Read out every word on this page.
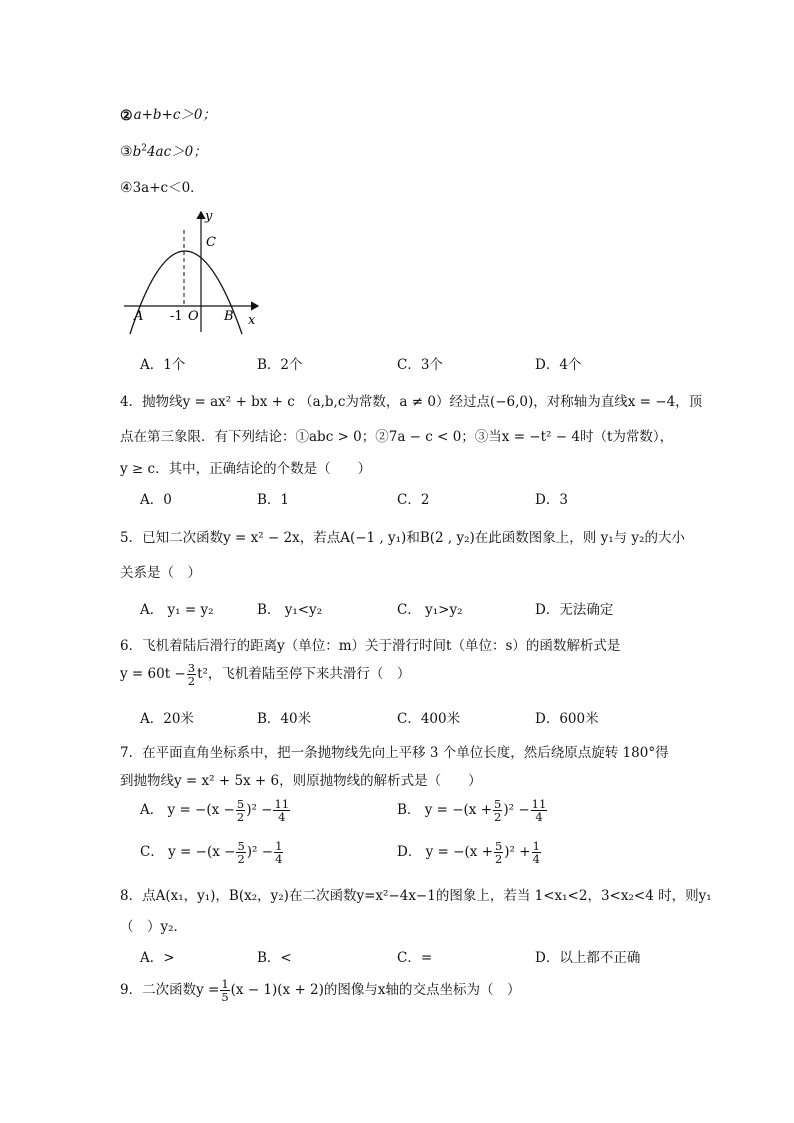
②a+b+c＞0；
$③b^24ac>0$；
④3a+c＜0．
y
C
A -1 O B x
A．1个	B．2个	C．3个	D．4个
4．抛物线y = ax² + bx + c （a,b,c为常数，a ≠ 0）经过点(−6,0)，对称轴为直线x = −4，顶
点在第三象限．有下列结论：①abc > 0；②7a − c < 0；③当x = −t² − 4时（t为常数），
y ≥ c．其中，正确结论的个数是（　　）
A．0	B．1	C．2	D．3
5．已知二次函数y = x² − 2x，若点A(−1 , y₁)和B(2 , y₂)在此函数图象上，则 y₁与 y₂的大小
关系是（　）
A． y₁ = y₂	B． y₁<y₂	C． y₁>y₂	D．无法确定
6．飞机着陆后滑行的距离y（单位：m）关于滑行时间t（单位：s）的函数解析式是
$y = 60t - \frac{3}{2} t^2$，飞机着陆至停下来共滑行（　）
A．20米	B．40米	C．400米	D．600米
7．在平面直角坐标系中，把一条抛物线先向上平移 3 个单位长度，然后绕原点旋转 180°得
到抛物线y = x² + 5x + 6，则原抛物线的解析式是（　　）
A． $y = -(x - \frac{5}{2} )^2 - \frac{11}{4}$	B． $y = -(x + \frac{5}{2} )^2 - \frac{11}{4}$
C． $y = -(x - \frac{5}{2} )^2 - \frac{1}{4}$	D． $y = -(x + \frac{5}{2} )^2 + \frac{1}{4}$
8．点A(x₁，y₁)，B(x₂，y₂)在二次函数y=x²−4x−1的图象上，若当 1<x₁<2，3<x₂<4 时，则y₁
（　）y₂．
A．>	B．<	C．=	D．以上都不正确
9．二次函数$y = \frac{1}{5} (x - 1)(x + 2)$的图像与x轴的交点坐标为（　）
